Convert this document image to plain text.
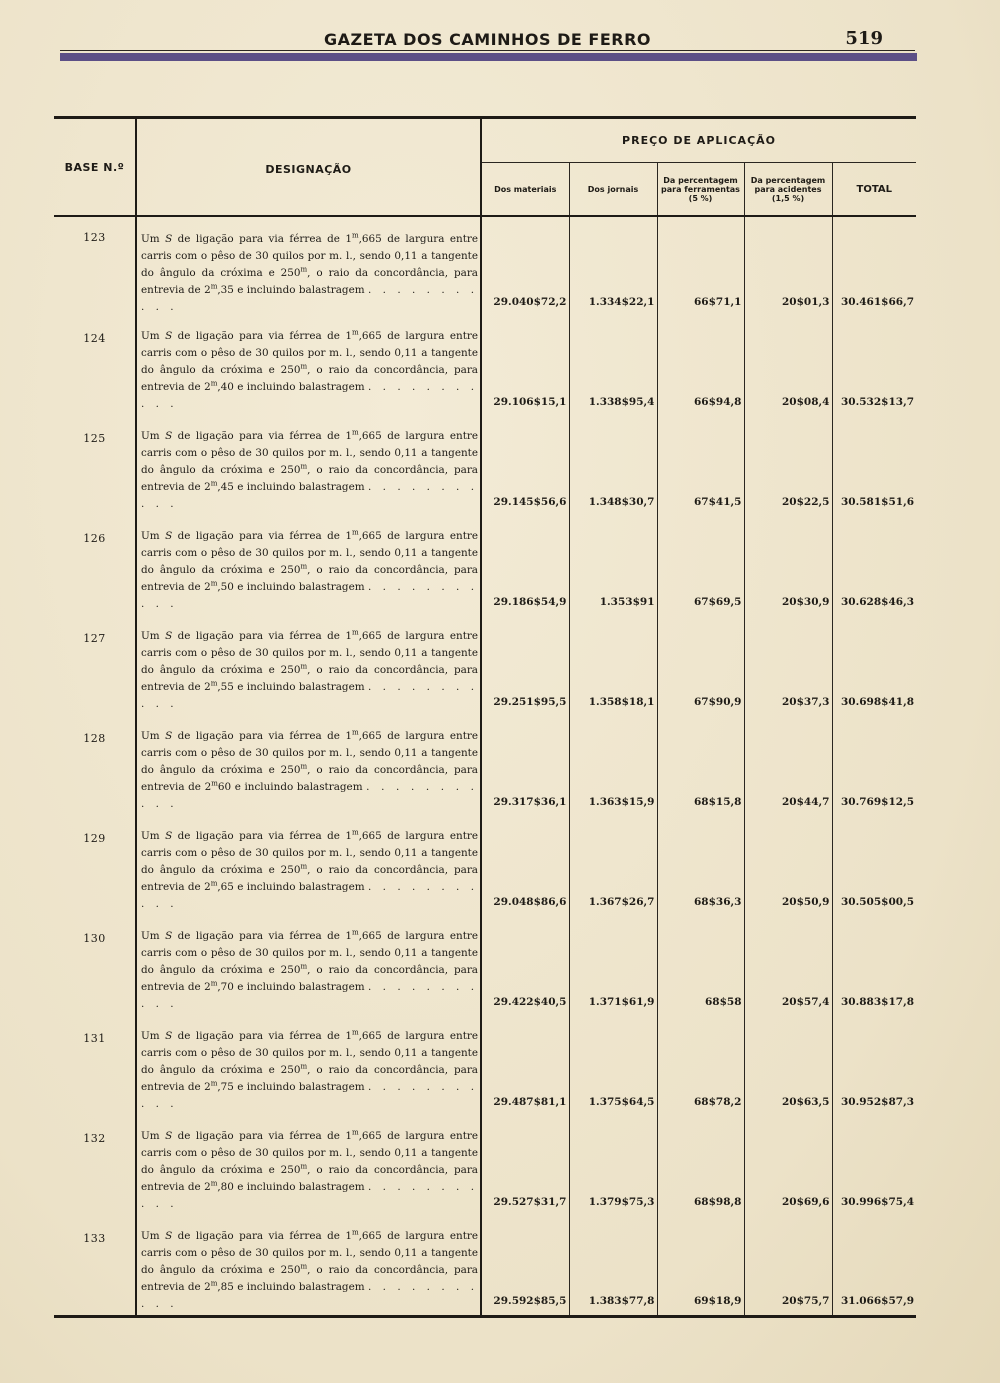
GAZETA DOS CAMINHOS DE FERRO	519
BASE N.º	DESIGNAÇÃO	PREÇO DE APLICAÇÃO				
		Dos materiais	Dos jornais	Da percentagem para ferramentas (5 %)	Da percentagem para acidentes (1,5 %)	TOTAL
123	Um S de ligação para via férrea de 1$^m$,665 de largura entre carris com o pêso de 30 quilos por m. l., sendo 0,11 a tangente do ângulo da cróxima e 250$^m$, o raio da concordância, para entrevia de 2$^m$,35 e incluindo balastragem . . . . . . . . . . .	29.040$72,2	1.334$22,1	66$71,1	20$01,3	30.461$66,7
124	Um S de ligação para via férrea de 1$^m$,665 de largura entre carris com o pêso de 30 quilos por m. l., sendo 0,11 a tangente do ângulo da cróxima e 250$^m$, o raio da concordância, para entrevia de 2$^m$,40 e incluindo balastragem . . . . . . . . . . .	29.106$15,1	1.338$95,4	66$94,8	20$08,4	30.532$13,7
125	Um S de ligação para via férrea de 1$^m$,665 de largura entre carris com o pêso de 30 quilos por m. l., sendo 0,11 a tangente do ângulo da cróxima e 250$^m$, o raio da concordância, para entrevia de 2$^m$,45 e incluindo balastragem . . . . . . . . . . .	29.145$56,6	1.348$30,7	67$41,5	20$22,5	30.581$51,6
126	Um S de ligação para via férrea de 1$^m$,665 de largura entre carris com o pêso de 30 quilos por m. l., sendo 0,11 a tangente do ângulo da cróxima e 250$^m$, o raio da concordância, para entrevia de 2$^m$,50 e incluindo balastragem . . . . . . . . . . .	29.186$54,9	1.353$91	67$69,5	20$30,9	30.628$46,3
127	Um S de ligação para via férrea de 1$^m$,665 de largura entre carris com o pêso de 30 quilos por m. l., sendo 0,11 a tangente do ângulo da cróxima e 250$^m$, o raio da concordância, para entrevia de 2$^m$,55 e incluindo balastragem . . . . . . . . . . .	29.251$95,5	1.358$18,1	67$90,9	20$37,3	30.698$41,8
128	Um S de ligação para via férrea de 1$^m$,665 de largura entre carris com o pêso de 30 quilos por m. l., sendo 0,11 a tangente do ângulo da cróxima e 250$^m$, o raio da concordância, para entrevia de 2$^m$60 e incluindo balastragem . . . . . . . . . . .	29.317$36,1	1.363$15,9	68$15,8	20$44,7	30.769$12,5
129	Um S de ligação para via férrea de 1$^m$,665 de largura entre carris com o pêso de 30 quilos por m. l., sendo 0,11 a tangente do ângulo da cróxima e 250$^m$, o raio da concordância, para entrevia de 2$^m$,65 e incluindo balastragem . . . . . . . . . . .	29.048$86,6	1.367$26,7	68$36,3	20$50,9	30.505$00,5
130	Um S de ligação para via férrea de 1$^m$,665 de largura entre carris com o pêso de 30 quilos por m. l., sendo 0,11 a tangente do ângulo da cróxima e 250$^m$, o raio da concordância, para entrevia de 2$^m$,70 e incluindo balastragem . . . . . . . . . . .	29.422$40,5	1.371$61,9	68$58	20$57,4	30.883$17,8
131	Um S de ligação para via férrea de 1$^m$,665 de largura entre carris com o pêso de 30 quilos por m. l., sendo 0,11 a tangente do ângulo da cróxima e 250$^m$, o raio da concordância, para entrevia de 2$^m$,75 e incluindo balastragem . . . . . . . . . . .	29.487$81,1	1.375$64,5	68$78,2	20$63,5	30.952$87,3
132	Um S de ligação para via férrea de 1$^m$,665 de largura entre carris com o pêso de 30 quilos por m. l., sendo 0,11 a tangente do ângulo da cróxima e 250$^m$, o raio da concordância, para entrevia de 2$^m$,80 e incluindo balastragem . . . . . . . . . . .	29.527$31,7	1.379$75,3	68$98,8	20$69,6	30.996$75,4
133	Um S de ligação para via férrea de 1$^m$,665 de largura entre carris com o pêso de 30 quilos por m. l., sendo 0,11 a tangente do ângulo da cróxima e 250$^m$, o raio da concordância, para entrevia de 2$^m$,85 e incluindo balastragem . . . . . . . . . . .	29.592$85,5	1.383$77,8	69$18,9	20$75,7	31.066$57,9
